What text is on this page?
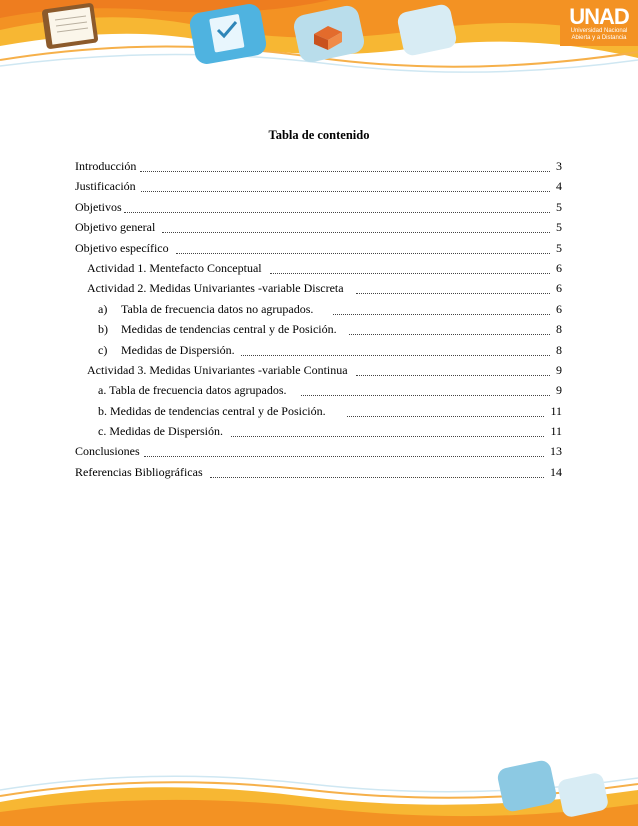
UNAD
Universidad Nacional
Abierta y a Distancia
Tabla de contenido
Introducción	3
Justificación	4
Objetivos	5
Objetivo general	5
Objetivo específico	5
Actividad 1. Mentefacto Conceptual	6
Actividad 2. Medidas Univariantes -variable Discreta	6
a)	Tabla de frecuencia datos no agrupados.	6
b)	Medidas de tendencias central y de Posición.	8
c)	Medidas de Dispersión.	8
Actividad 3. Medidas Univariantes -variable Continua	9
a. Tabla de frecuencia datos agrupados.	9
b. Medidas de tendencias central y de Posición.	11
c. Medidas de Dispersión.	11
Conclusiones	13
Referencias Bibliográficas	14
